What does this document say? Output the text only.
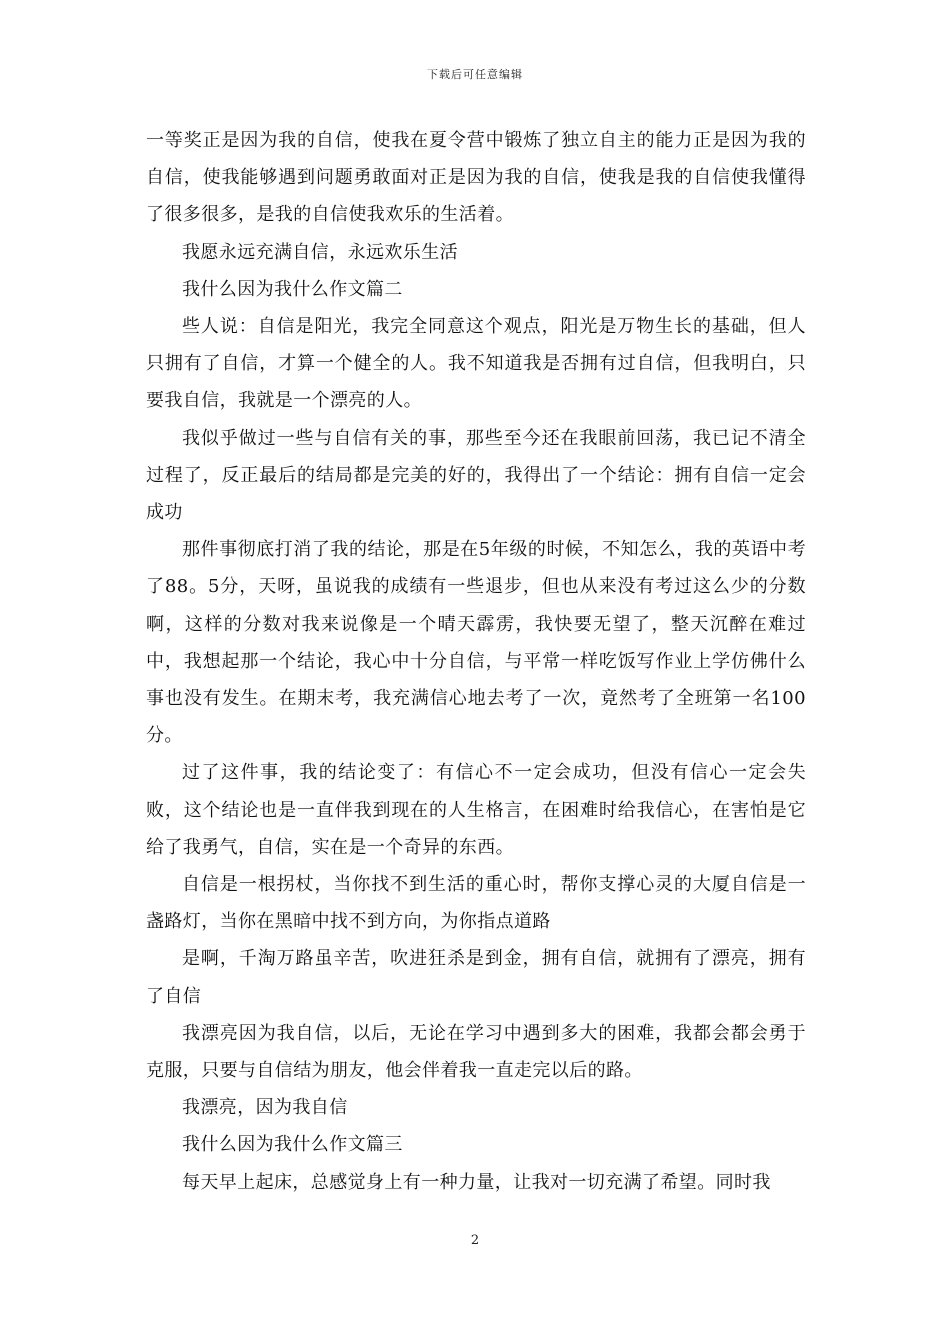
下载后可任意编辑

一等奖正是因为我的自信，使我在夏令营中锻炼了独立自主的能力正是因为我的自信，使我能够遇到问题勇敢面对正是因为我的自信，使我是我的自信使我懂得了很多很多，是我的自信使我欢乐的生活着。

我愿永远充满自信，永远欢乐生活

我什么因为我什么作文篇二

些人说：自信是阳光，我完全同意这个观点，阳光是万物生长的基础，但人只拥有了自信，才算一个健全的人。我不知道我是否拥有过自信，但我明白，只要我自信，我就是一个漂亮的人。

我似乎做过一些与自信有关的事，那些至今还在我眼前回荡，我已记不清全过程了，反正最后的结局都是完美的好的，我得出了一个结论：拥有自信一定会成功

那件事彻底打消了我的结论，那是在5年级的时候，不知怎么，我的英语中考了88。5分，天呀，虽说我的成绩有一些退步，但也从来没有考过这么少的分数啊，这样的分数对我来说像是一个晴天霹雳，我快要无望了，整天沉醉在难过中，我想起那一个结论，我心中十分自信，与平常一样吃饭写作业上学仿佛什么事也没有发生。在期末考，我充满信心地去考了一次，竟然考了全班第一名100分。

过了这件事，我的结论变了：有信心不一定会成功，但没有信心一定会失败，这个结论也是一直伴我到现在的人生格言，在困难时给我信心，在害怕是它给了我勇气，自信，实在是一个奇异的东西。

自信是一根拐杖，当你找不到生活的重心时，帮你支撑心灵的大厦自信是一盏路灯，当你在黑暗中找不到方向，为你指点道路

是啊，千淘万路虽辛苦，吹进狂杀是到金，拥有自信，就拥有了漂亮，拥有了自信

我漂亮因为我自信，以后，无论在学习中遇到多大的困难，我都会都会勇于克服，只要与自信结为朋友，他会伴着我一直走完以后的路。

我漂亮，因为我自信

我什么因为我什么作文篇三

每天早上起床，总感觉身上有一种力量，让我对一切充满了希望。同时我

2
